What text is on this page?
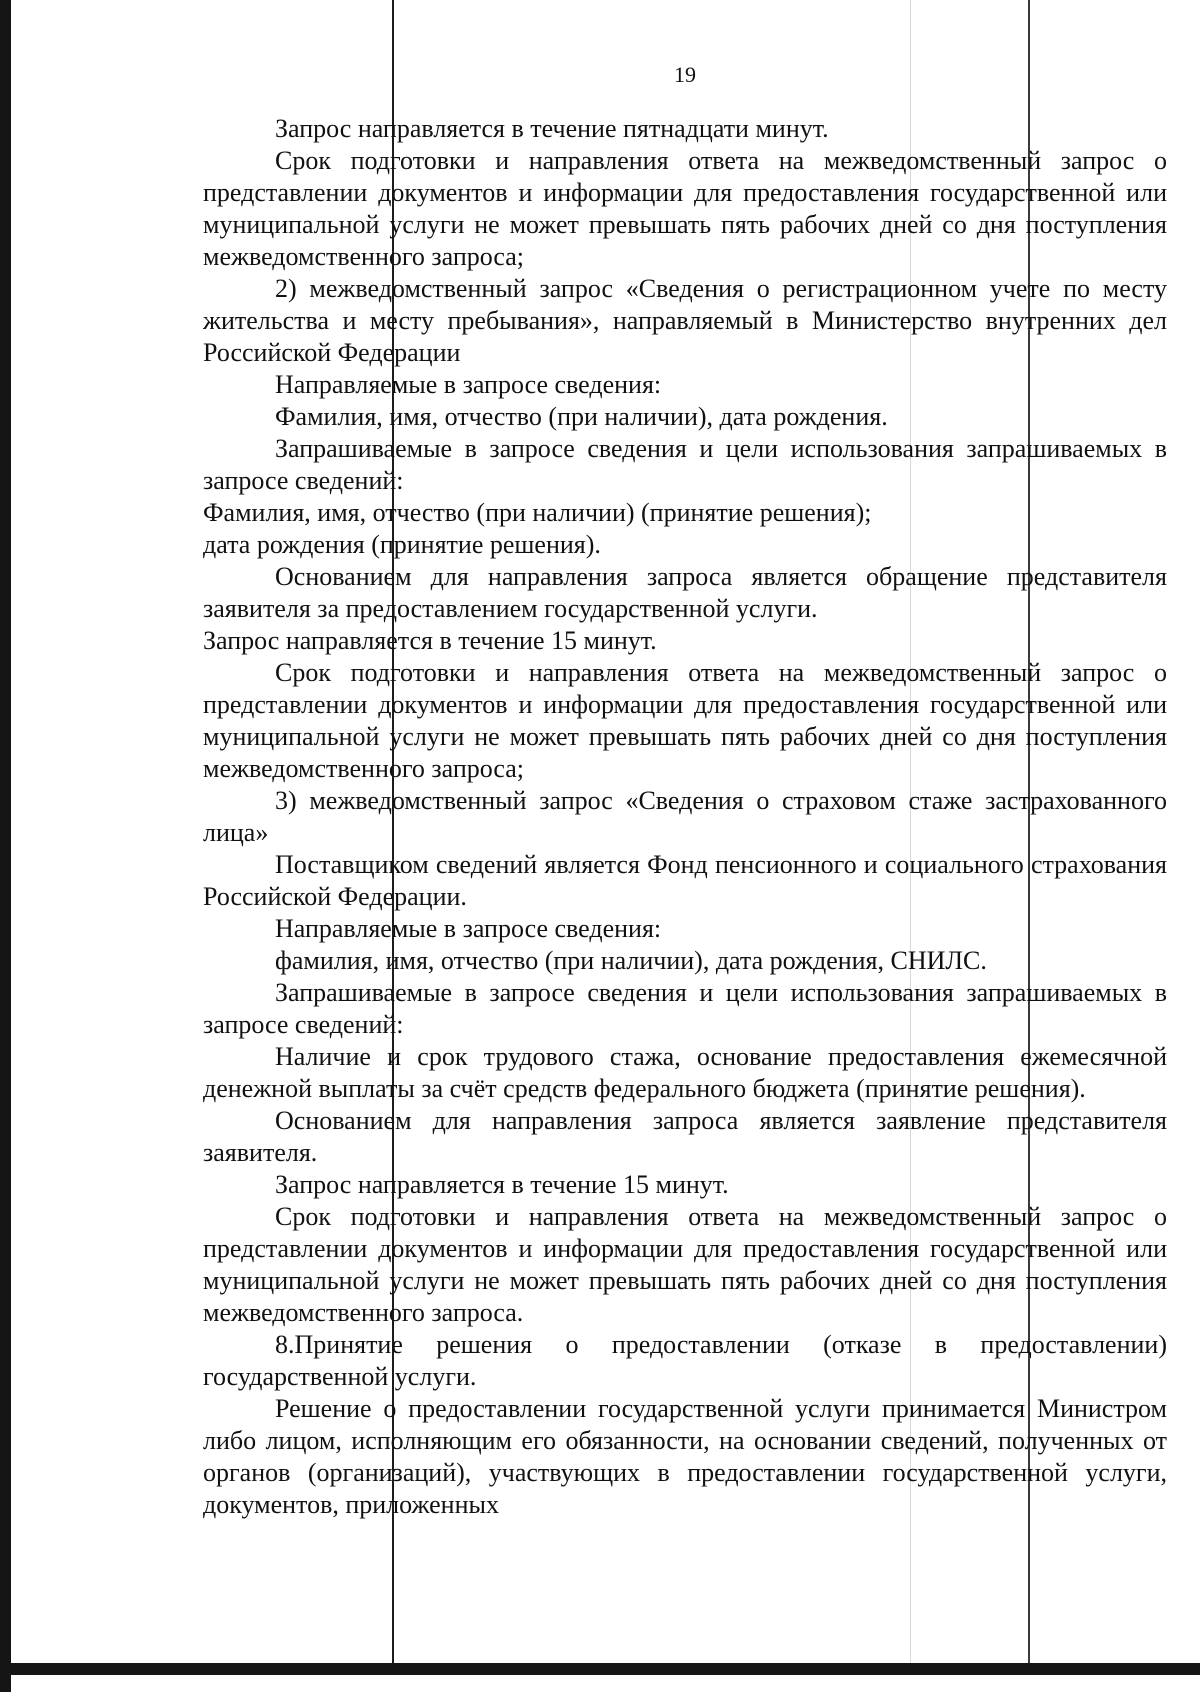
19

Запрос направляется в течение пятнадцати минут.

Срок подготовки и направления ответа на межведомственный запрос о представлении документов и информации для предоставления государственной или муниципальной услуги не может превышать пять рабочих дней со дня поступления межведомственного запроса;

2) межведомственный запрос «Сведения о регистрационном учете по месту жительства и месту пребывания», направляемый в Министерство внутренних дел Российской Федерации

Направляемые в запросе сведения:

Фамилия, имя, отчество (при наличии), дата рождения.

Запрашиваемые в запросе сведения и цели использования запрашиваемых в запросе сведений:

Фамилия, имя, отчество (при наличии) (принятие решения);

дата рождения (принятие решения).

Основанием для направления запроса является обращение представителя заявителя за предоставлением государственной услуги.

Запрос направляется в течение 15 минут.

Срок подготовки и направления ответа на межведомственный запрос о представлении документов и информации для предоставления государственной или муниципальной услуги не может превышать пять рабочих дней со дня поступления межведомственного запроса;

3) межведомственный запрос «Сведения о страховом стаже застрахованного лица»

Поставщиком сведений является Фонд пенсионного и социального страхования Российской Федерации.

Направляемые в запросе сведения:

фамилия, имя, отчество (при наличии), дата рождения, СНИЛС.

Запрашиваемые в запросе сведения и цели использования запрашиваемых в запросе сведений:

Наличие и срок трудового стажа, основание предоставления ежемесячной денежной выплаты за счёт средств федерального бюджета (принятие решения).

Основанием для направления запроса является заявление представителя заявителя.

Запрос направляется в течение 15 минут.

Срок подготовки и направления ответа на межведомственный запрос о представлении документов и информации для предоставления государственной или муниципальной услуги не может превышать пять рабочих дней со дня поступления межведомственного запроса.

8.Принятие решения о предоставлении (отказе в предоставлении) государственной услуги.

Решение о предоставлении государственной услуги принимается Министром либо лицом, исполняющим его обязанности, на основании сведений, полученных от органов (организаций), участвующих в предоставлении государственной услуги, документов, приложенных
